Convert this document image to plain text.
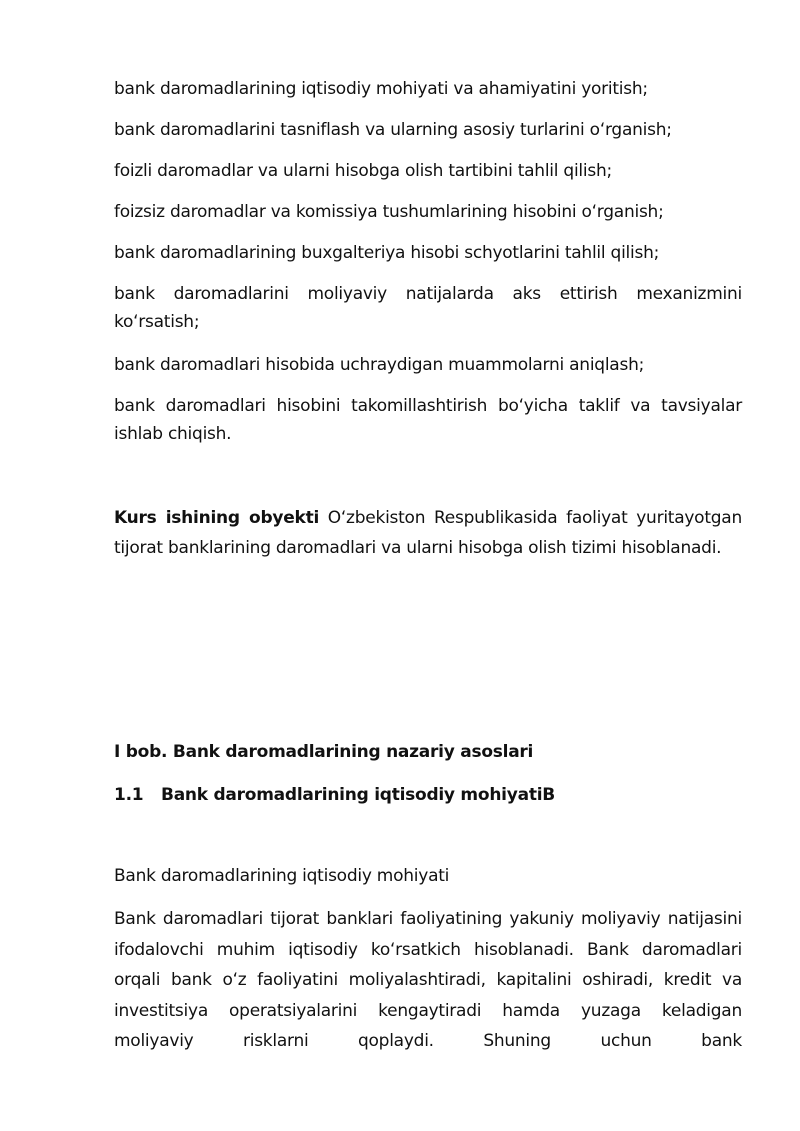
bank daromadlarining iqtisodiy mohiyati va ahamiyatini yoritish;
bank daromadlarini tasniflash va ularning asosiy turlarini oʻrganish;
foizli daromadlar va ularni hisobga olish tartibini tahlil qilish;
foizsiz daromadlar va komissiya tushumlarining hisobini oʻrganish;
bank daromadlarining buxgalteriya hisobi schyotlarini tahlil qilish;
bank daromadlarini moliyaviy natijalarda aks ettirish mexanizmini koʻrsatish;
bank daromadlari hisobida uchraydigan muammolarni aniqlash;
bank daromadlari hisobini takomillashtirish boʻyicha taklif va tavsiyalar ishlab chiqish.
Kurs ishining obyekti Oʻzbekiston Respublikasida faoliyat yuritayotgan tijorat banklarining daromadlari va ularni hisobga olish tizimi hisoblanadi.
I bob. Bank daromadlarining nazariy asoslari
1.1 Bank daromadlarining iqtisodiy mohiyatiB
Bank daromadlarining iqtisodiy mohiyati
Bank daromadlari tijorat banklari faoliyatining yakuniy moliyaviy natijasini ifodalovchi muhim iqtisodiy koʻrsatkich hisoblanadi. Bank daromadlari orqali bank oʻz faoliyatini moliyalashtiradi, kapitalini oshiradi, kredit va investitsiya operatsiyalarini kengaytiradi hamda yuzaga keladigan moliyaviy risklarni qoplaydi. Shuning uchun bank
